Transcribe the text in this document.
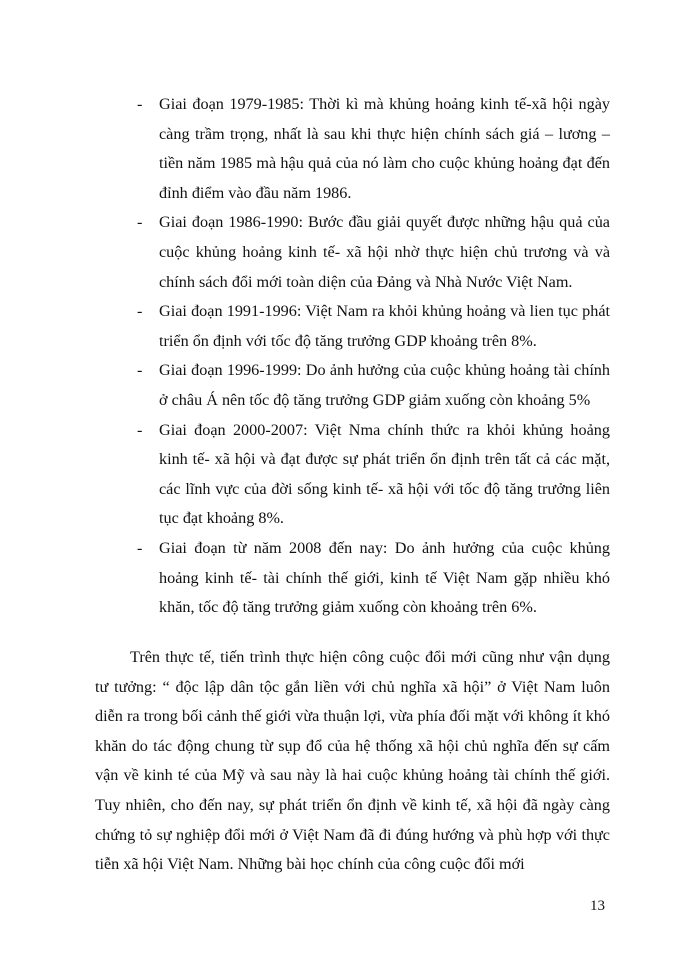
-	Giai đoạn 1979-1985: Thời kì mà khủng hoảng kinh tế-xã hội ngày càng trầm trọng, nhất là sau khi thực hiện chính sách giá – lương –tiền năm 1985 mà hậu quả của nó làm cho cuộc khủng hoảng đạt đến đỉnh điểm vào đầu năm 1986.
-	Giai đoạn 1986-1990: Bước đầu giải quyết được những hậu quả của cuộc khủng hoảng kinh tế- xã hội nhờ thực hiện chủ trương và và chính sách đổi mới toàn diện của Đảng và Nhà Nước Việt Nam.
-	Giai đoạn 1991-1996: Việt Nam ra khỏi khủng hoảng và lien tục phát triển ổn định với tốc độ tăng trưởng GDP khoảng trên 8%.
-	Giai đoạn 1996-1999: Do ảnh hưởng của cuộc khủng hoảng tài chính ở châu Á nên tốc độ tăng trưởng GDP giảm xuống còn khoảng 5%
-	Giai đoạn 2000-2007: Việt Nma chính thức ra khỏi khủng hoảng kinh tế- xã hội và đạt được sự phát triển ổn định trên tất cả các mặt, các lĩnh vực của đời sống kinh tế- xã hội với tốc độ tăng trưởng liên tục đạt khoảng 8%.
-	Giai đoạn từ năm 2008 đến nay: Do ảnh hưởng của cuộc khủng hoảng kinh tế- tài chính thế giới, kinh tế Việt Nam gặp nhiều khó khăn, tốc độ tăng trưởng giảm xuống còn khoảng trên 6%.

Trên thực tế, tiến trình thực hiện công cuộc đổi mới cũng như vận dụng tư tưởng: “ độc lập dân tộc gắn liền với chủ nghĩa xã hội” ở Việt Nam luôn diễn ra trong bối cảnh thế giới vừa thuận lợi, vừa phía đối mặt với không ít khó khăn do tác động chung từ sụp đổ của hệ thống xã hội chủ nghĩa đến sự cấm vận về kinh té của Mỹ và sau này là hai cuộc khủng hoảng tài chính thế giới. Tuy nhiên, cho đến nay, sự phát triển ổn định về kinh tế, xã hội đã ngày càng chứng tỏ sự nghiệp đổi mới ở Việt Nam đã đi đúng hướng và phù hợp với thực tiễn xã hội Việt Nam. Những bài học chính của công cuộc đổi mới

13
